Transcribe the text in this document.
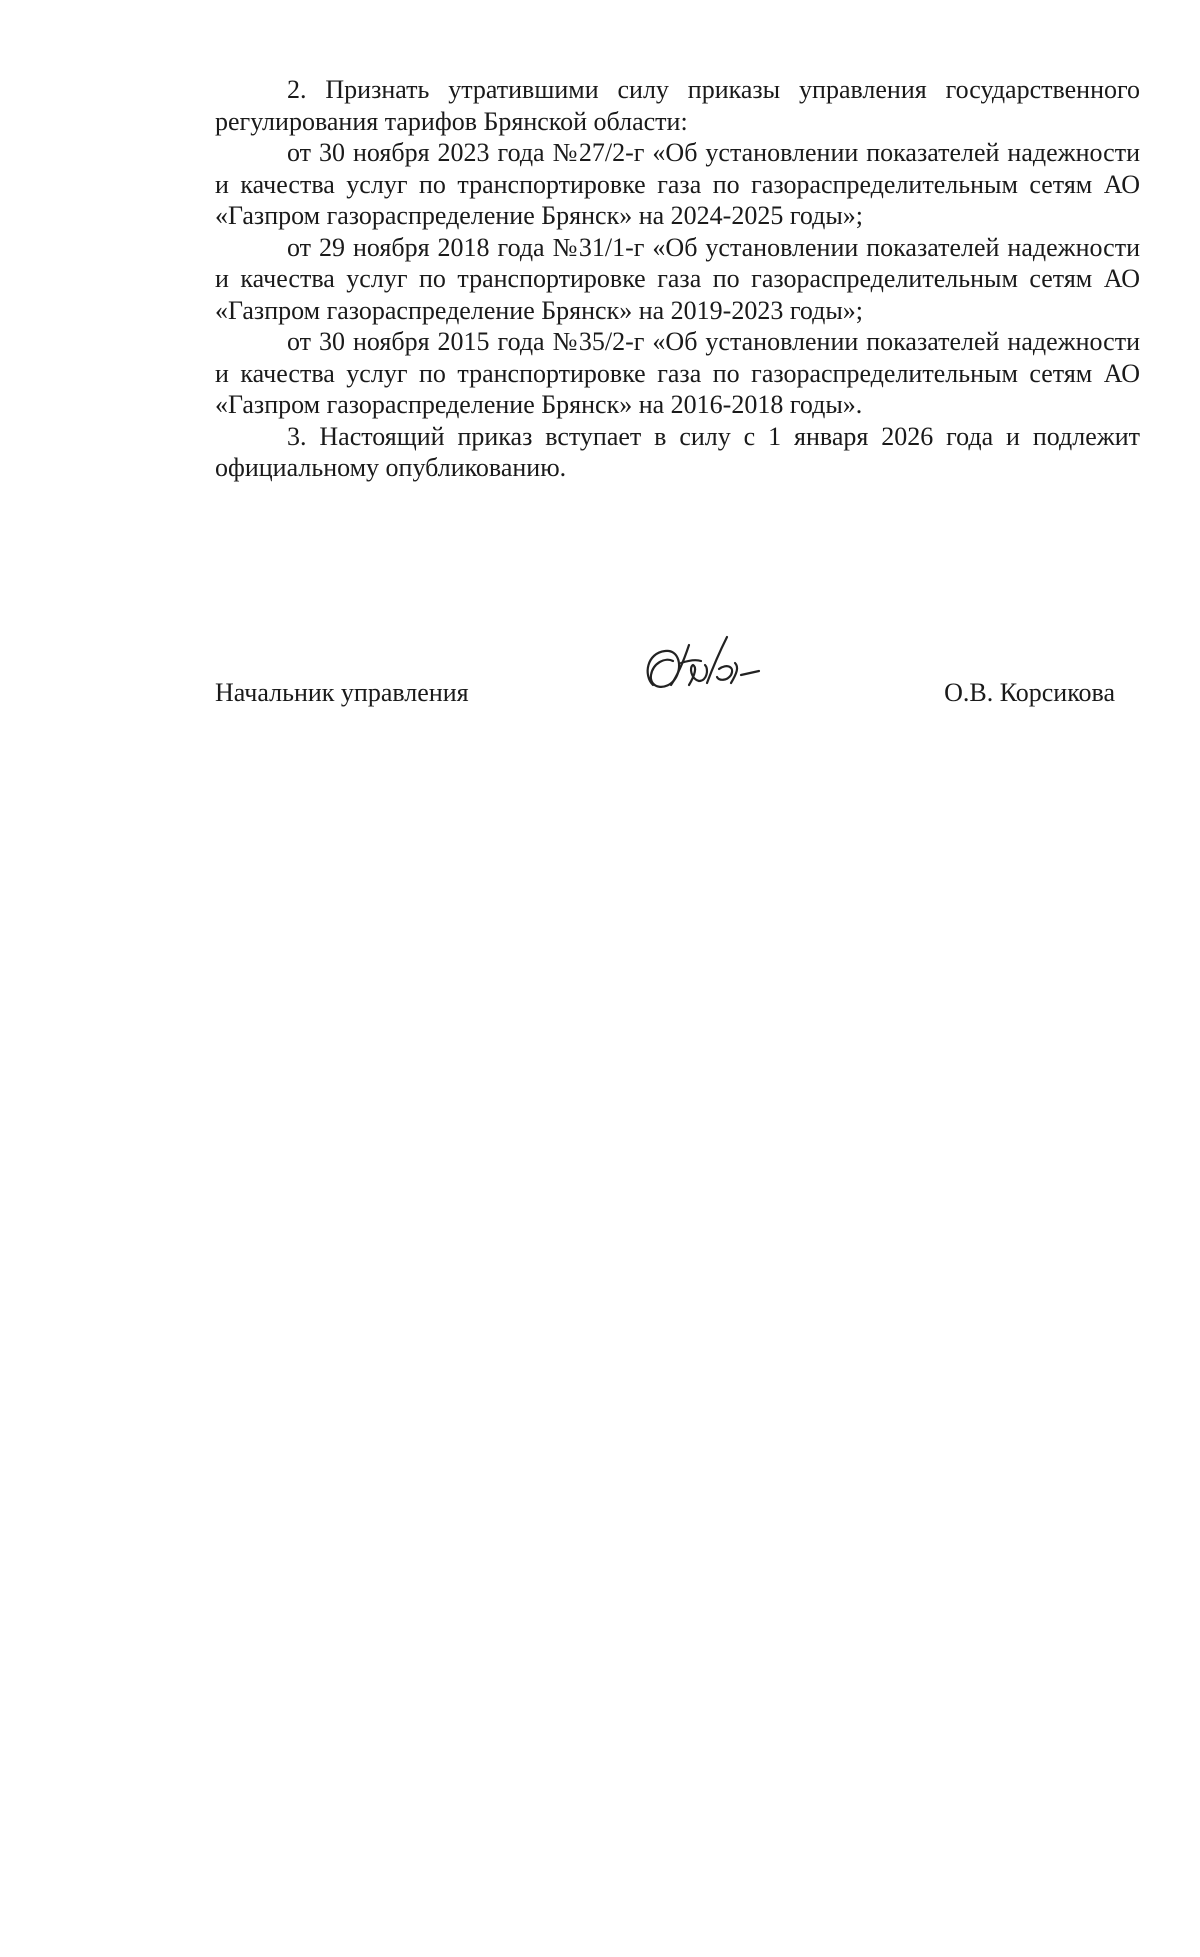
2. Признать утратившими силу приказы управления государственного регулирования тарифов Брянской области:

от 30 ноября 2023 года №27/2-г «Об установлении показателей надежности и качества услуг по транспортировке газа по газораспределительным сетям АО «Газпром газораспределение Брянск» на 2024-2025 годы»;

от 29 ноября 2018 года №31/1-г «Об установлении показателей надежности и качества услуг по транспортировке газа по газораспределительным сетям АО «Газпром газораспределение Брянск» на 2019-2023 годы»;

от 30 ноября 2015 года №35/2-г «Об установлении показателей надежности и качества услуг по транспортировке газа по газораспределительным сетям АО «Газпром газораспределение Брянск» на 2016-2018 годы».

3. Настоящий приказ вступает в силу с 1 января 2026 года и подлежит официальному опубликованию.

Начальник управления	О.В. Корсикова
